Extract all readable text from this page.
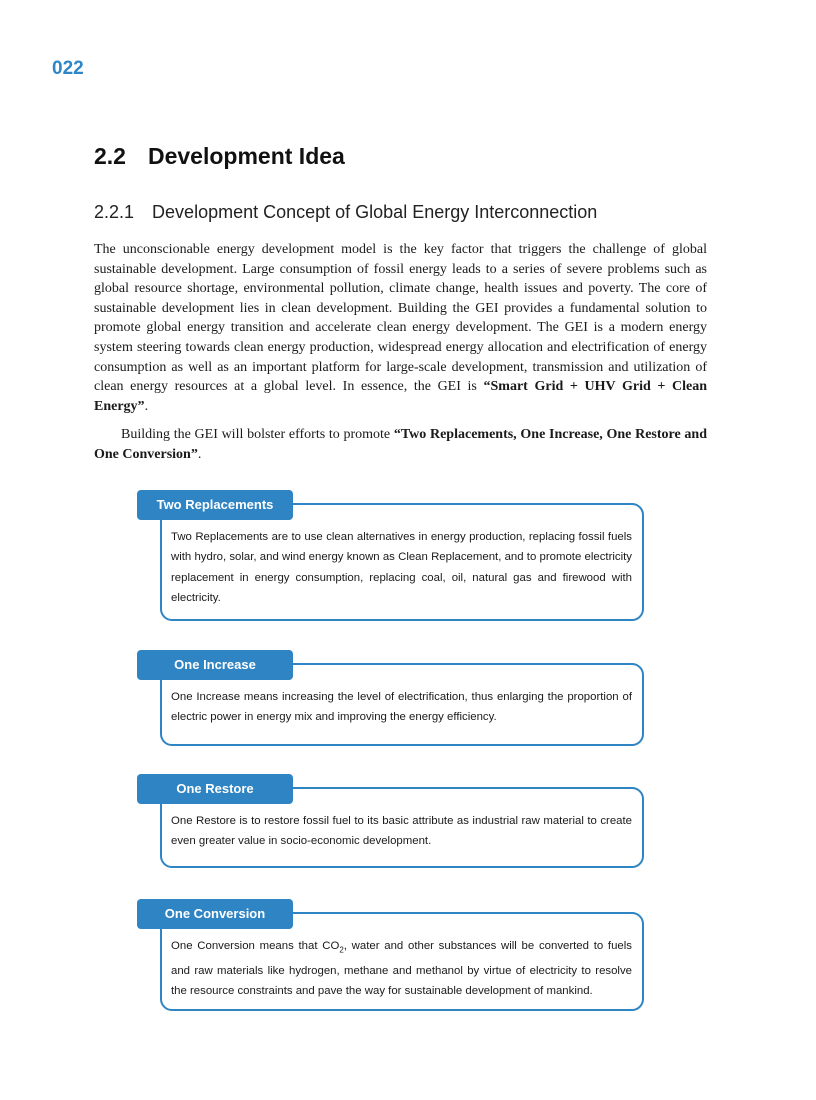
022
2.2 Development Idea
2.2.1 Development Concept of Global Energy Interconnection
The unconscionable energy development model is the key factor that triggers the challenge of global sustainable development. Large consumption of fossil energy leads to a series of severe problems such as global resource shortage, environmental pollution, climate change, health issues and poverty. The core of sustainable development lies in clean development. Building the GEI provides a fundamental solution to promote global energy transition and accelerate clean energy development. The GEI is a modern energy system steering towards clean energy production, widespread energy allocation and electrification of energy consumption as well as an important platform for large-scale development, transmission and utilization of clean energy resources at a global level. In essence, the GEI is “Smart Grid + UHV Grid + Clean Energy”.
Building the GEI will bolster efforts to promote “Two Replacements, One Increase, One Restore and One Conversion”.
Two Replacements
Two Replacements are to use clean alternatives in energy production, replacing fossil fuels with hydro, solar, and wind energy known as Clean Replacement, and to promote electricity replacement in energy consumption, replacing coal, oil, natural gas and firewood with electricity.
One Increase
One Increase means increasing the level of electrification, thus enlarging the proportion of electric power in energy mix and improving the energy efficiency.
One Restore
One Restore is to restore fossil fuel to its basic attribute as industrial raw material to create even greater value in socio-economic development.
One Conversion
One Conversion means that $CO_2$, water and other substances will be converted to fuels and raw materials like hydrogen, methane and methanol by virtue of electricity to resolve the resource constraints and pave the way for sustainable development of mankind.
